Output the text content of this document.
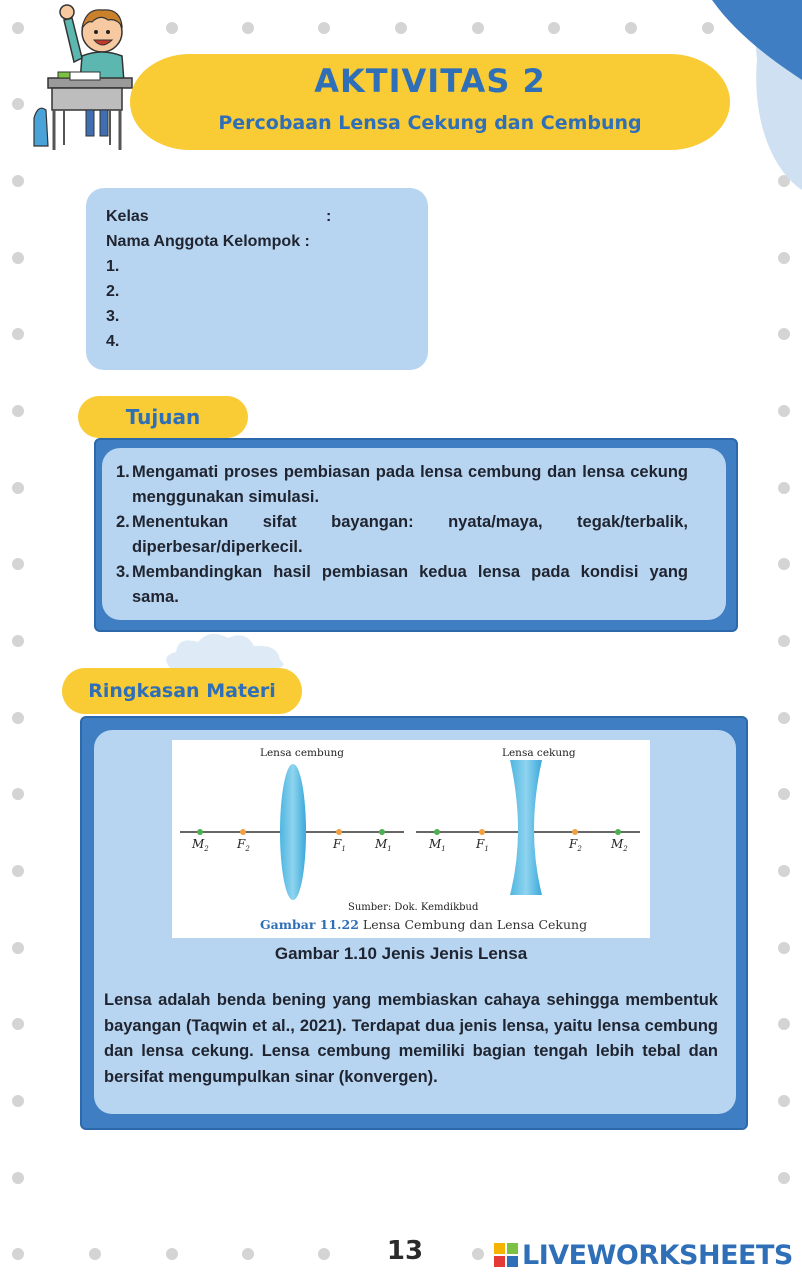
AKTIVITAS 2
Percobaan Lensa Cekung dan Cembung
Kelas	:
Nama Anggota Kelompok :
1.
2.
3.
4.
Tujuan
1. Mengamati proses pembiasan pada lensa cembung dan lensa cekung menggunakan simulasi.
2. Menentukan sifat bayangan: nyata/maya, tegak/terbalik, diperbesar/diperkecil.
3. Membandingkan hasil pembiasan kedua lensa pada kondisi yang sama.
Ringkasan Materi
Lensa cembung	Lensa cekung
$M_2$ $F_2$	$F_1$ $M_1$	$M_1$	$F_1$	$F_2$ $M_2$
Sumber: Dok. Kemdikbud
Gambar 11.22 Lensa Cembung dan Lensa Cekung
Gambar 1.10 Jenis Jenis Lensa

Lensa adalah benda bening yang membiaskan cahaya sehingga membentuk bayangan (Taqwin et al., 2021). Terdapat dua jenis lensa, yaitu lensa cembung dan lensa cekung. Lensa cembung memiliki bagian tengah lebih tebal dan bersifat mengumpulkan sinar (konvergen).

13	LIVEWORKSHEETS
